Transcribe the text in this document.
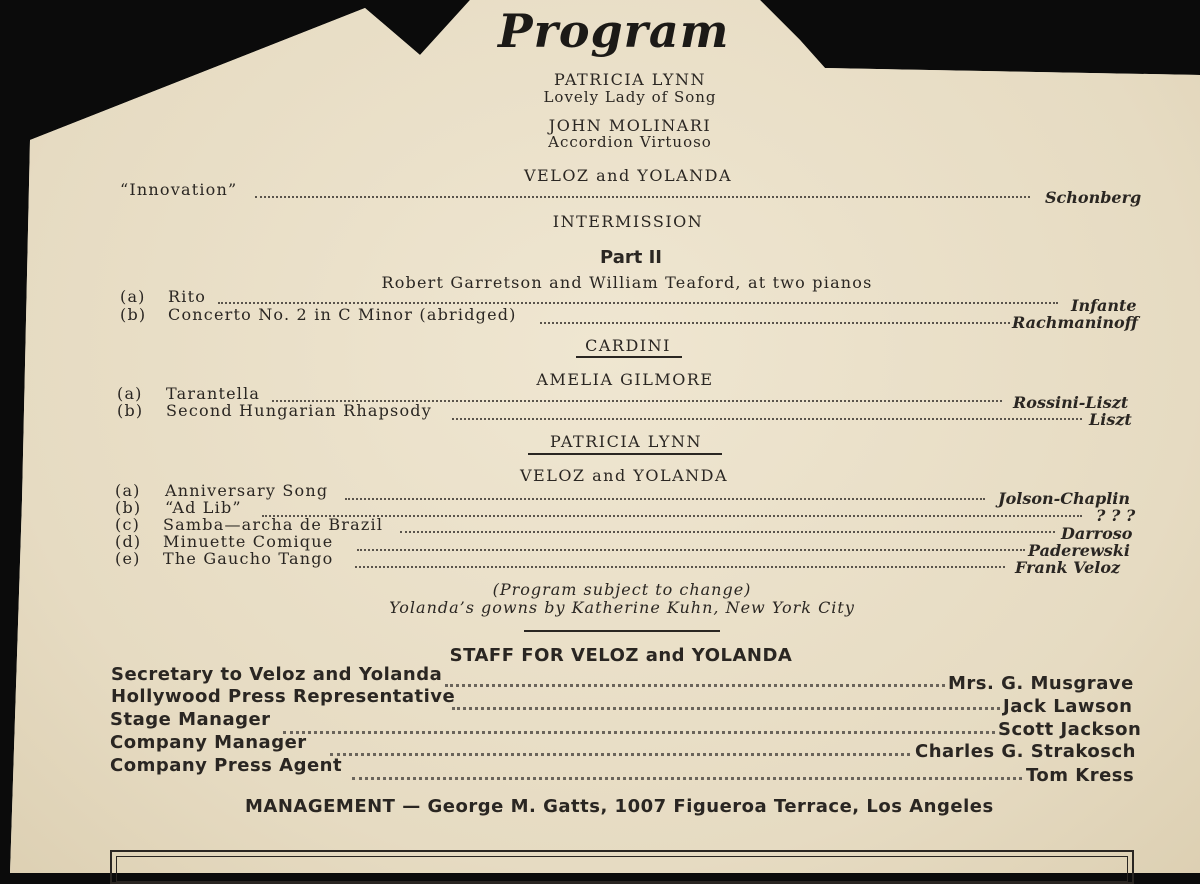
Program
PATRICIA LYNN
Lovely Lady of Song
JOHN MOLINARI
Accordion Virtuoso
VELOZ and YOLANDA
“Innovation”	Schonberg
INTERMISSION
Part II
Robert Garretson and William Teaford, at two pianos
(a) Rito	Infante
(b) Concerto No. 2 in C Minor (abridged)	Rachmaninoff
CARDINI
AMELIA GILMORE
(a) Tarantella	Rossini-Liszt
(b) Second Hungarian Rhapsody	Liszt
PATRICIA LYNN
VELOZ and YOLANDA
(a) Anniversary Song	Jolson-Chaplin
(b) “Ad Lib”	? ? ?
(c) Samba—archa de Brazil	Darroso
(d) Minuette Comique	Paderewski
(e) The Gaucho Tango	Frank Veloz
(Program subject to change)
Yolanda’s gowns by Katherine Kuhn, New York City
STAFF FOR VELOZ and YOLANDA
Secretary to Veloz and Yolanda	Mrs. G. Musgrave
Hollywood Press Representative	Jack Lawson
Stage Manager	Scott Jackson
Company Manager	Charles G. Strakosch
Company Press Agent	Tom Kress
MANAGEMENT — George M. Gatts, 1007 Figueroa Terrace, Los Angeles
